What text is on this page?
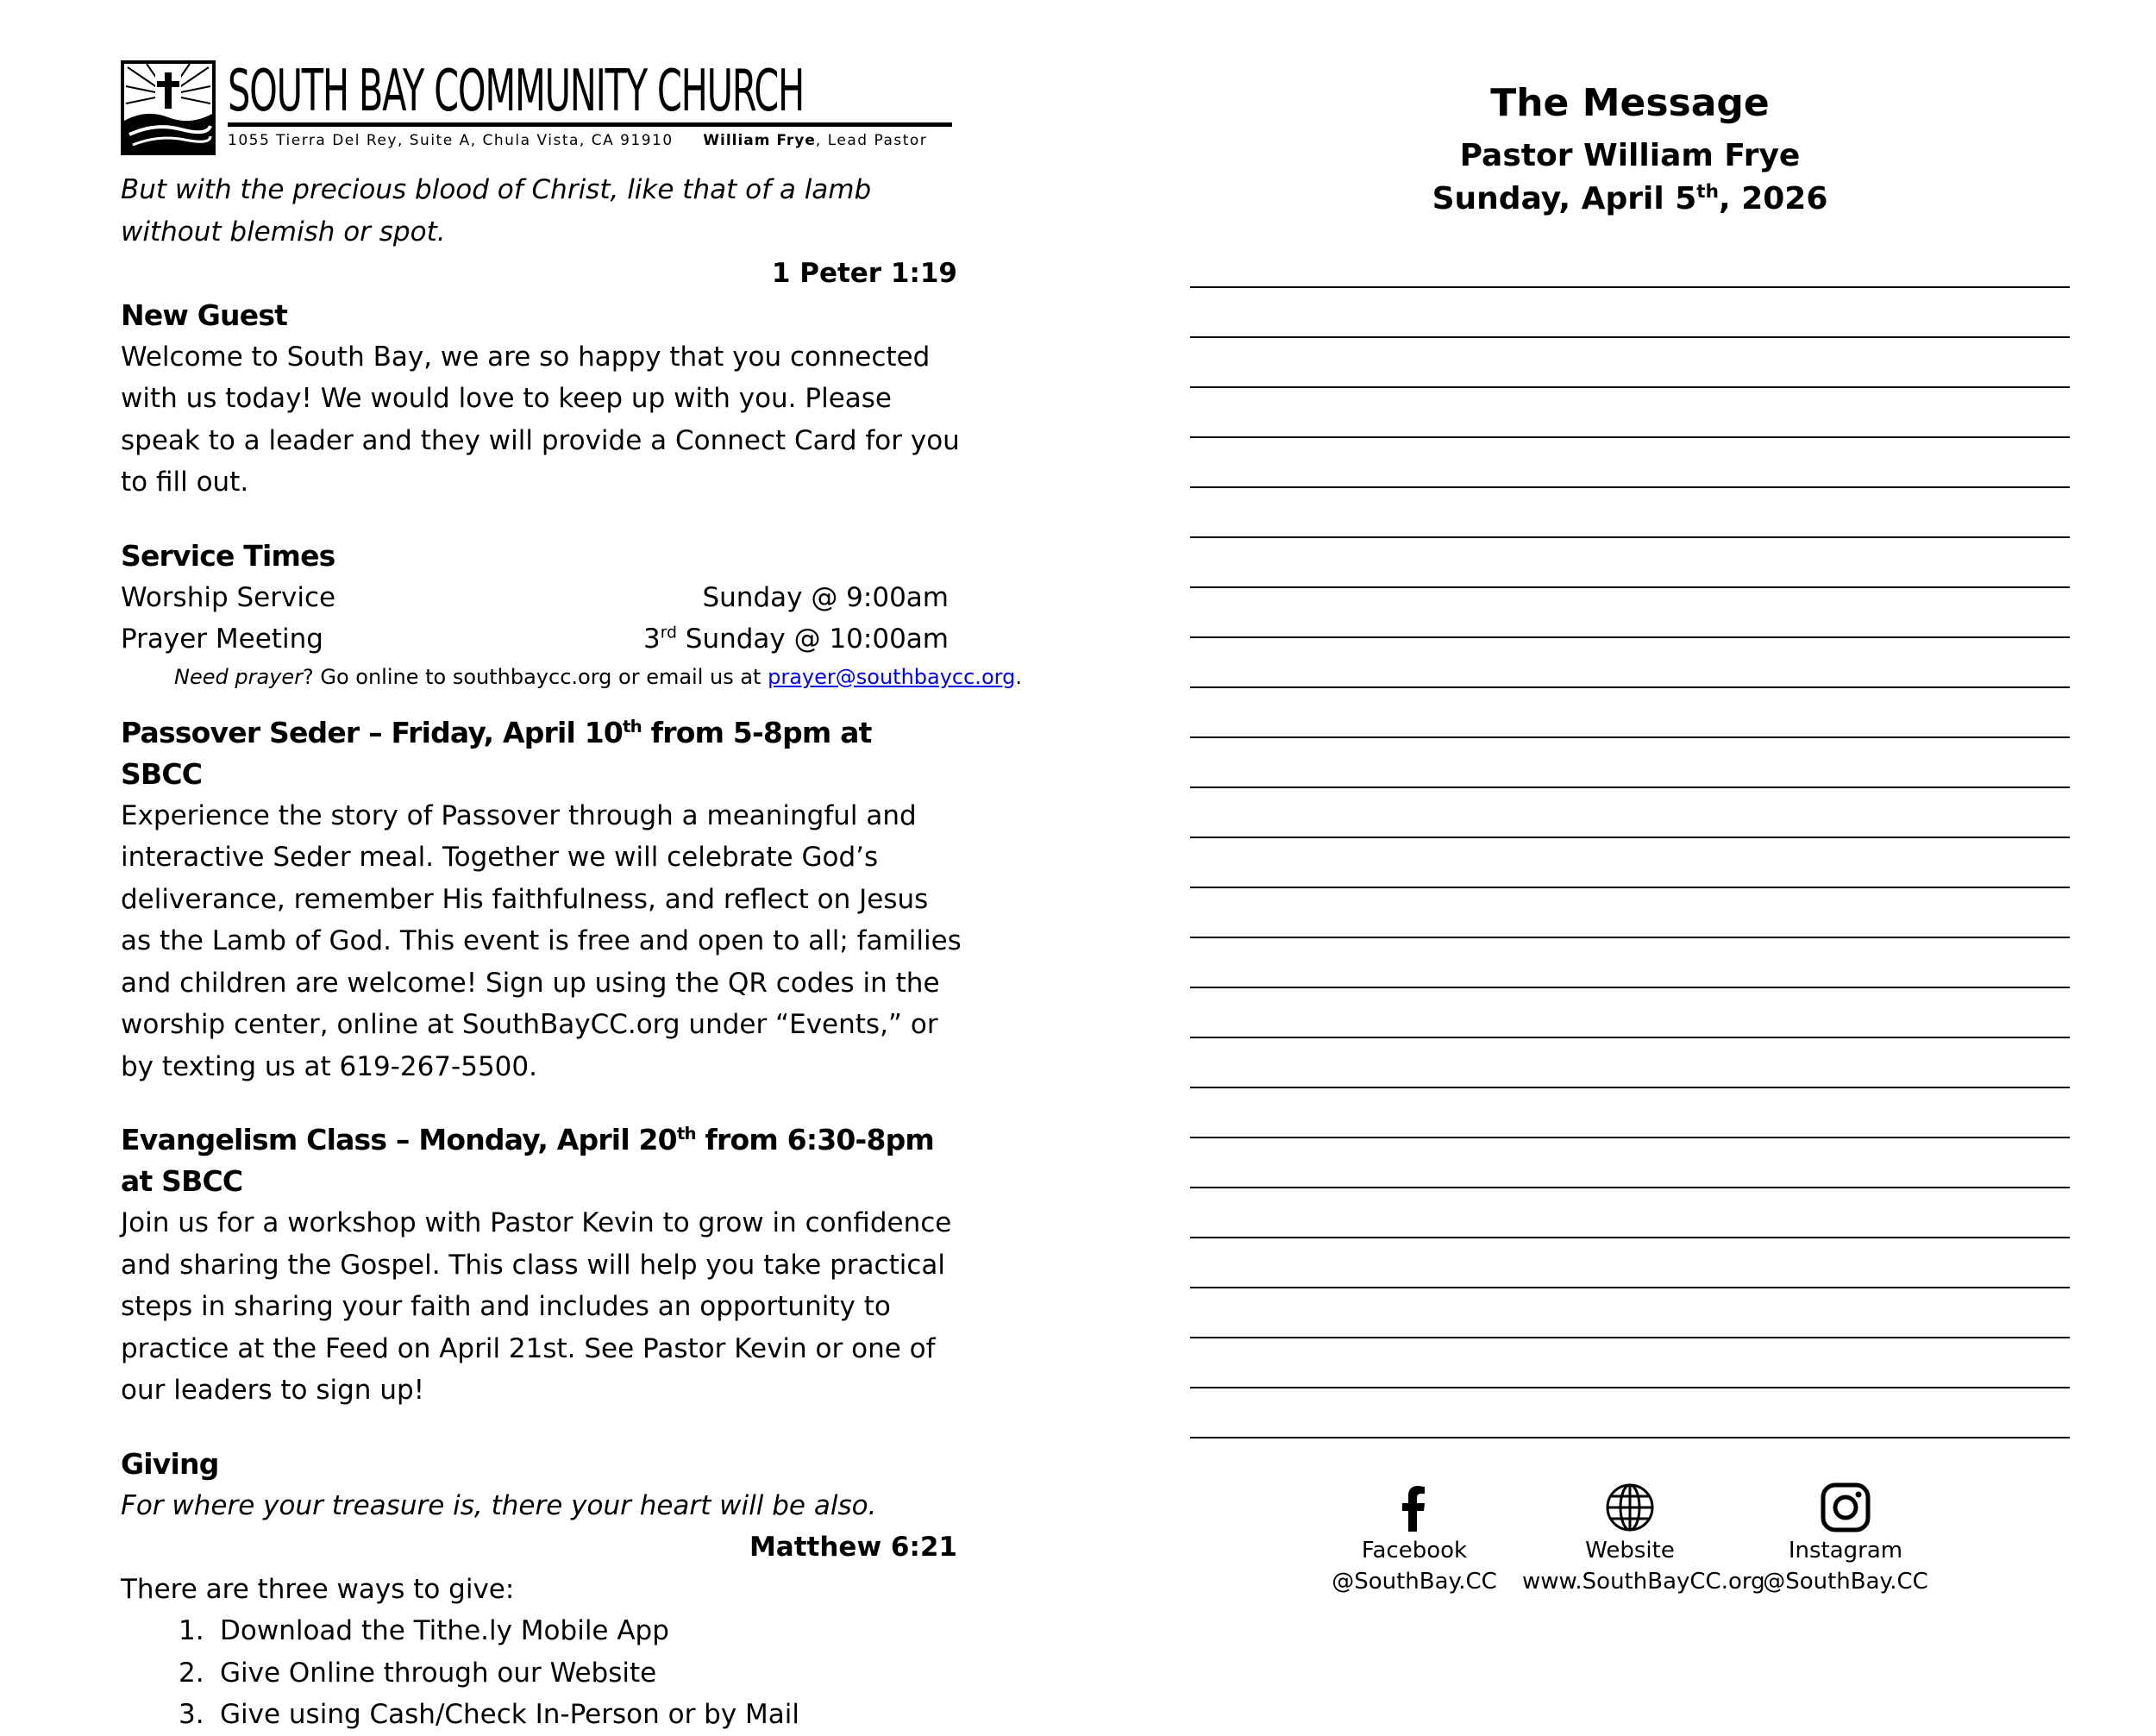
SOUTH BAY COMMUNITY CHURCH
1055 Tierra Del Rey, Suite A, Chula Vista, CA 91910 William Frye, Lead Pastor
But with the precious blood of Christ, like that of a lamb without blemish or spot.
1 Peter 1:19
New Guest
Welcome to South Bay, we are so happy that you connected with us today! We would love to keep up with you. Please speak to a leader and they will provide a Connect Card for you to fill out.
Service Times
Worship Service	Sunday @ 9:00am
Prayer Meeting	3rd Sunday @ 10:00am
Need prayer? Go online to southbaycc.org or email us at prayer@southbaycc.org.
Passover Seder – Friday, April 10th from 5-8pm at SBCC
Experience the story of Passover through a meaningful and interactive Seder meal. Together we will celebrate God’s deliverance, remember His faithfulness, and reflect on Jesus as the Lamb of God. This event is free and open to all; families and children are welcome! Sign up using the QR codes in the worship center, online at SouthBayCC.org under “Events,” or by texting us at 619-267-5500.
Evangelism Class – Monday, April 20th from 6:30-8pm at SBCC
Join us for a workshop with Pastor Kevin to grow in confidence and sharing the Gospel. This class will help you take practical steps in sharing your faith and includes an opportunity to practice at the Feed on April 21st. See Pastor Kevin or one of our leaders to sign up!
Giving
For where your treasure is, there your heart will be also.
Matthew 6:21
There are three ways to give:
1. Download the Tithe.ly Mobile App
2. Give Online through our Website
3. Give using Cash/Check In-Person or by Mail
The Message
Pastor William Frye
Sunday, April 5th, 2026
Facebook
@SouthBay.CC
Website
www.SouthBayCC.org
Instagram
@SouthBay.CC
